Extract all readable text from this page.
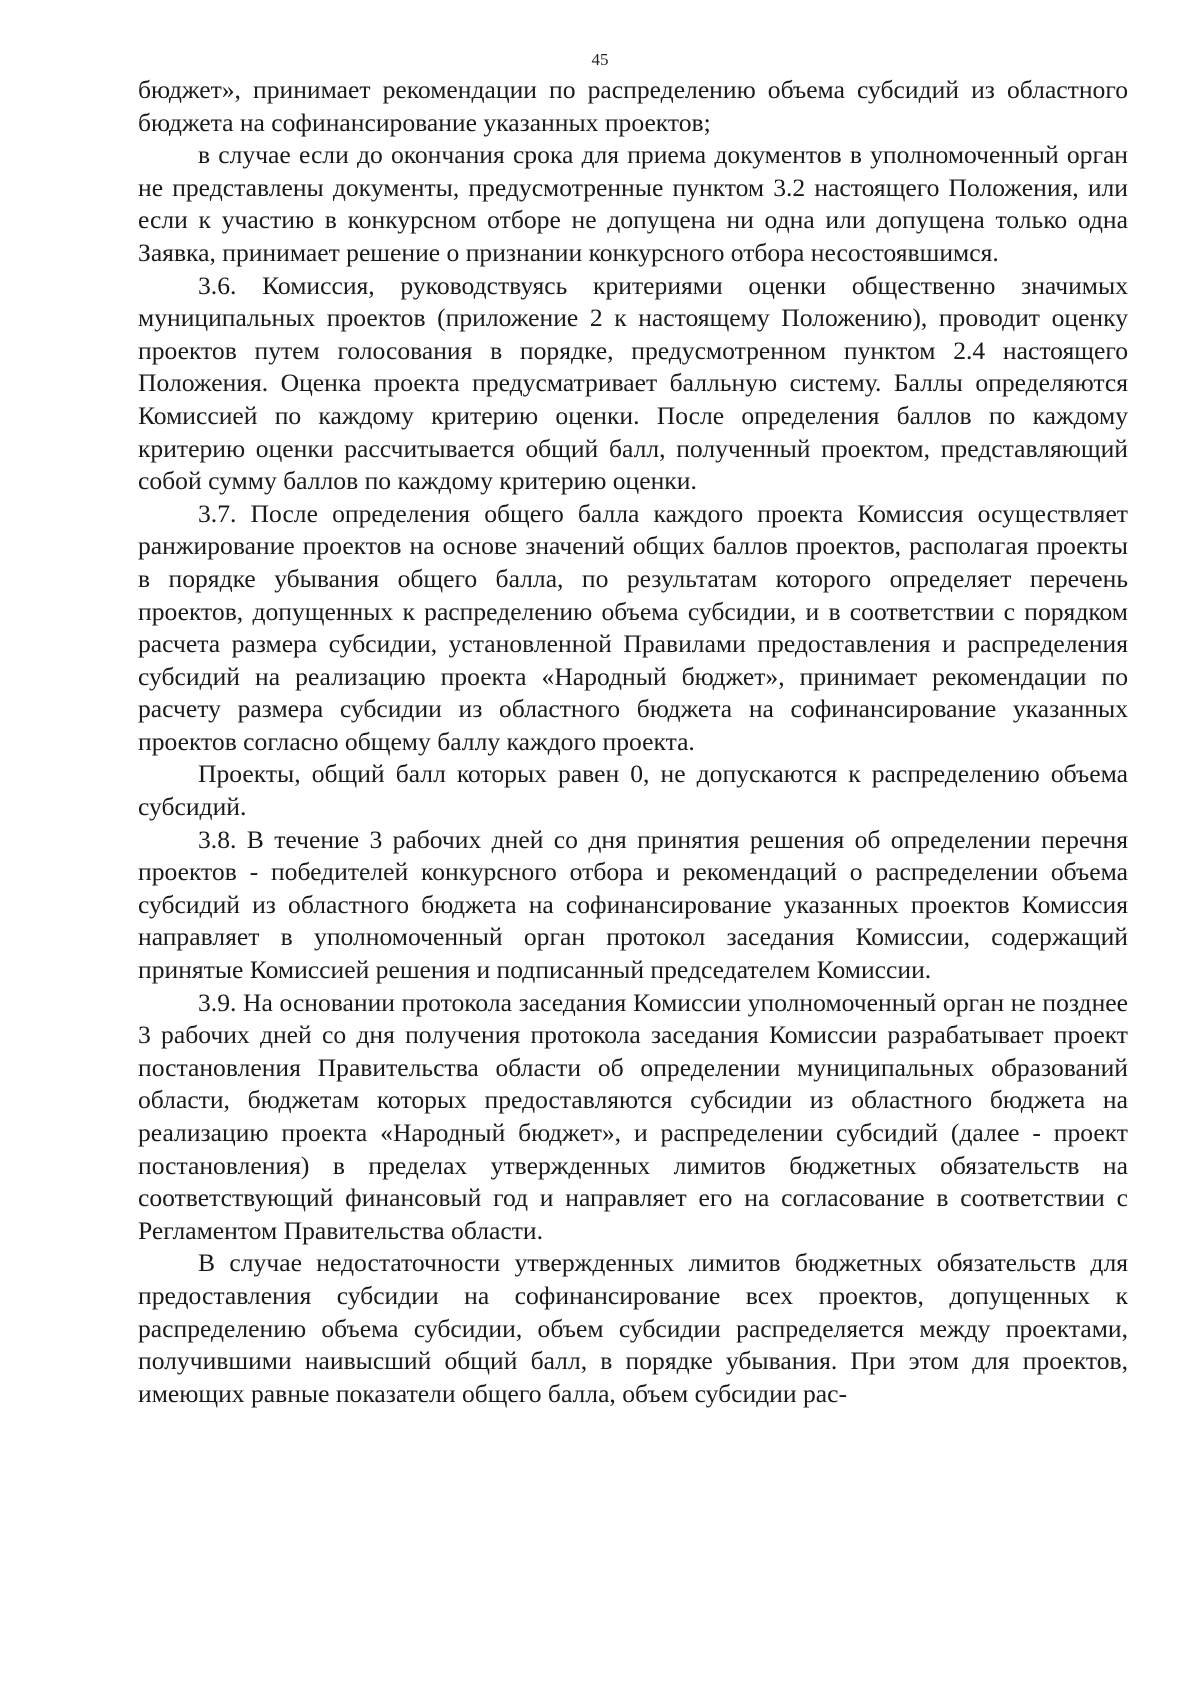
45

бюджет», принимает рекомендации по распределению объема субсидий из областного бюджета на софинансирование указанных проектов;

в случае если до окончания срока для приема документов в уполномоченный орган не представлены документы, предусмотренные пунктом 3.2 настоящего Положения, или если к участию в конкурсном отборе не допущена ни одна или допущена только одна Заявка, принимает решение о признании конкурсного отбора несостоявшимся.

3.6. Комиссия, руководствуясь критериями оценки общественно значимых муниципальных проектов (приложение 2 к настоящему Положению), проводит оценку проектов путем голосования в порядке, предусмотренном пунктом 2.4 настоящего Положения. Оценка проекта предусматривает балльную систему. Баллы определяются Комиссией по каждому критерию оценки. После определения баллов по каждому критерию оценки рассчитывается общий балл, полученный проектом, представляющий собой сумму баллов по каждому критерию оценки.

3.7. После определения общего балла каждого проекта Комиссия осуществляет ранжирование проектов на основе значений общих баллов проектов, располагая проекты в порядке убывания общего балла, по результатам которого определяет перечень проектов, допущенных к распределению объема субсидии, и в соответствии с порядком расчета размера субсидии, установленной Правилами предоставления и распределения субсидий на реализацию проекта «Народный бюджет», принимает рекомендации по расчету размера субсидии из областного бюджета на софинансирование указанных проектов согласно общему баллу каждого проекта.

Проекты, общий балл которых равен 0, не допускаются к распределению объема субсидий.

3.8. В течение 3 рабочих дней со дня принятия решения об определении перечня проектов - победителей конкурсного отбора и рекомендаций о распределении объема субсидий из областного бюджета на софинансирование указанных проектов Комиссия направляет в уполномоченный орган протокол заседания Комиссии, содержащий принятые Комиссией решения и подписанный председателем Комиссии.

3.9. На основании протокола заседания Комиссии уполномоченный орган не позднее 3 рабочих дней со дня получения протокола заседания Комиссии разрабатывает проект постановления Правительства области об определении муниципальных образований области, бюджетам которых предоставляются субсидии из областного бюджета на реализацию проекта «Народный бюджет», и распределении субсидий (далее - проект постановления) в пределах утвержденных лимитов бюджетных обязательств на соответствующий финансовый год и направляет его на согласование в соответствии с Регламентом Правительства области.

В случае недостаточности утвержденных лимитов бюджетных обязательств для предоставления субсидии на софинансирование всех проектов, допущенных к распределению объема субсидии, объем субсидии распределяется между проектами, получившими наивысший общий балл, в порядке убывания. При этом для проектов, имеющих равные показатели общего балла, объем субсидии рас-
